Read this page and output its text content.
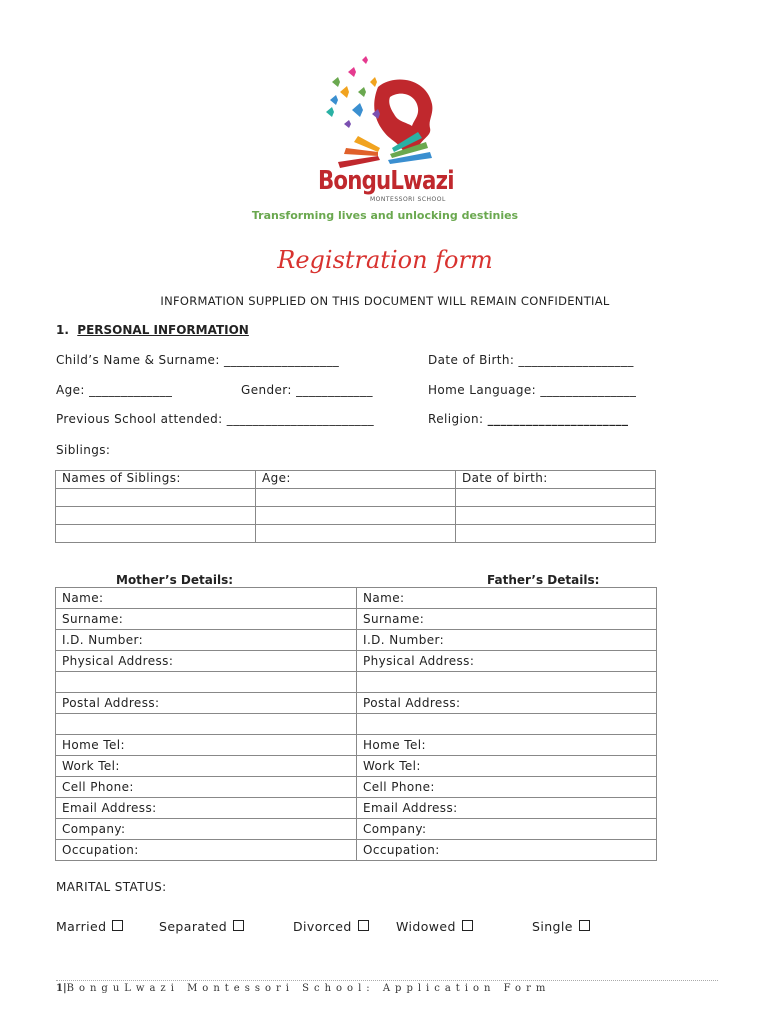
BonguLwazi
MONTESSORI SCHOOL
Transforming lives and unlocking destinies
Registration form
INFORMATION SUPPLIED ON THIS DOCUMENT WILL REMAIN CONFIDENTIAL
1. PERSONAL INFORMATION
Child’s Name & Surname: __________________	Date of Birth: __________________
Age: _____________	Gender: ____________	Home Language: _______________
Previous School attended: _______________________	Religion: ______________________
Siblings:
Names of Siblings:	Age:	Date of birth:

Mother’s Details:	Father’s Details:
Name:	Name:
Surname:	Surname:
I.D. Number:	I.D. Number:
Physical Address:	Physical Address:

Postal Address:	Postal Address:

Home Tel:	Home Tel:
Work Tel:	Work Tel:
Cell Phone:	Cell Phone:
Email Address:	Email Address:
Company:	Company:
Occupation:	Occupation:
MARITAL STATUS:
Married	Separated	Divorced	Widowed	Single
1|BonguLwazi Montessori School: Application Form
